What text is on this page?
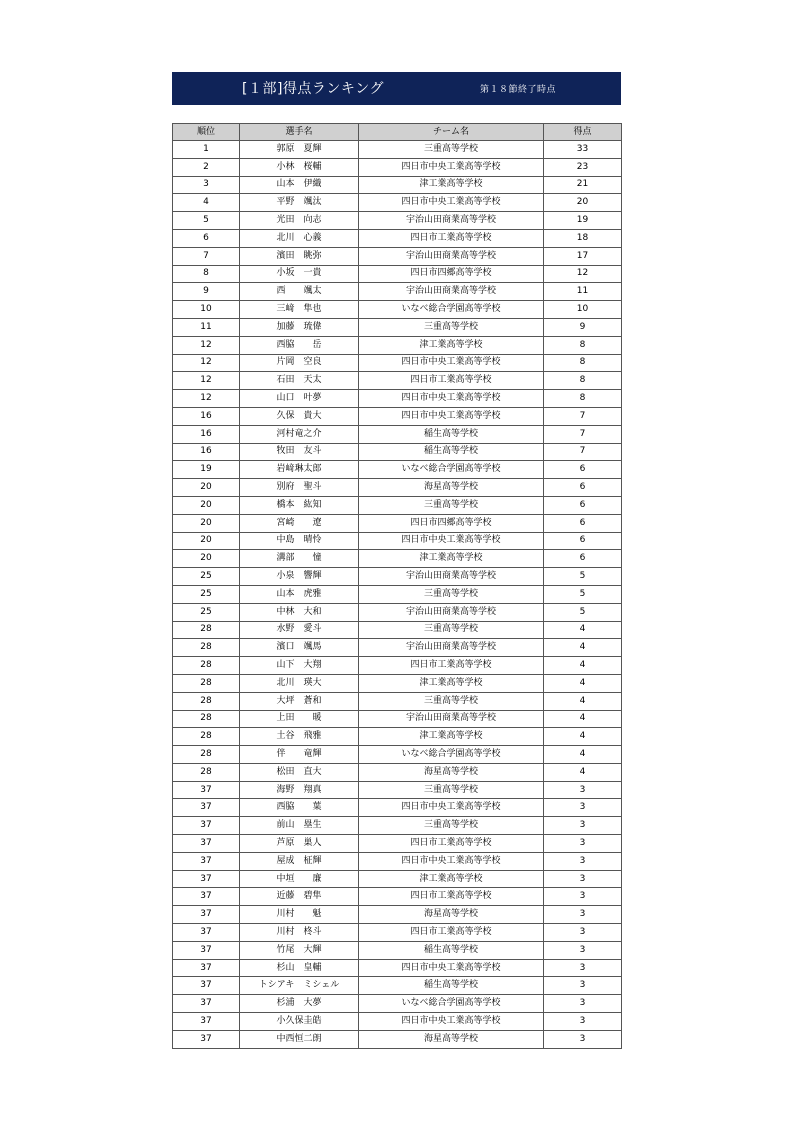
[１部]得点ランキング	第１８節終了時点
順位	選手名	チーム名	得点
1	郭原　夏輝	三重高等学校	33
2	小林　桜輔	四日市中央工業高等学校	23
3	山本　伊織	津工業高等学校	21
4	平野　颯汰	四日市中央工業高等学校	20
5	光田　向志	宇治山田商業高等学校	19
6	北川　心義	四日市工業高等学校	18
7	濱田　眺弥	宇治山田商業高等学校	17
8	小坂　一貴	四日市四郷高等学校	12
9	西　　颯太	宇治山田商業高等学校	11
10	三﨑　隼也	いなべ総合学園高等学校	10
11	加藤　琉偉	三重高等学校	9
12	西脇　　岳	津工業高等学校	8
12	片岡　空良	四日市中央工業高等学校	8
12	石田　天太	四日市工業高等学校	8
12	山口　叶夢	四日市中央工業高等学校	8
16	久保　貴大	四日市中央工業高等学校	7
16	河村竜之介	稲生高等学校	7
16	牧田　友斗	稲生高等学校	7
19	岩﨑琳太郎	いなべ総合学園高等学校	6
20	別府　聖斗	海星高等学校	6
20	橋本　紘知	三重高等学校	6
20	宮崎　　遼	四日市四郷高等学校	6
20	中島　晴怜	四日市中央工業高等学校	6
20	溝部　　憧	津工業高等学校	6
25	小泉　響輝	宇治山田商業高等学校	5
25	山本　虎雅	三重高等学校	5
25	中林　大和	宇治山田商業高等学校	5
28	水野　愛斗	三重高等学校	4
28	濱口　颯馬	宇治山田商業高等学校	4
28	山下　大翔	四日市工業高等学校	4
28	北川　瑛大	津工業高等学校	4
28	大坪　蒼和	三重高等学校	4
28	上田　　暖	宇治山田商業高等学校	4
28	土谷　飛雅	津工業高等学校	4
28	伴　　竜輝	いなべ総合学園高等学校	4
28	松田　直大	海星高等学校	4
37	海野　翔真	三重高等学校	3
37	西脇　　葉	四日市中央工業高等学校	3
37	前山　塁生	三重高等学校	3
37	芦原　巣人	四日市工業高等学校	3
37	屋成　柾輝	四日市中央工業高等学校	3
37	中垣　　廉	津工業高等学校	3
37	近藤　碧隼	四日市工業高等学校	3
37	川村　　魁	海星高等学校	3
37	川村　柊斗	四日市工業高等学校	3
37	竹尾　大輝	稲生高等学校	3
37	杉山　皇輔	四日市中央工業高等学校	3
37	トシアキ　ミシェル	稲生高等学校	3
37	杉浦　大夢	いなべ総合学園高等学校	3
37	小久保圭皓	四日市中央工業高等学校	3
37	中西恒二朗	海星高等学校	3
